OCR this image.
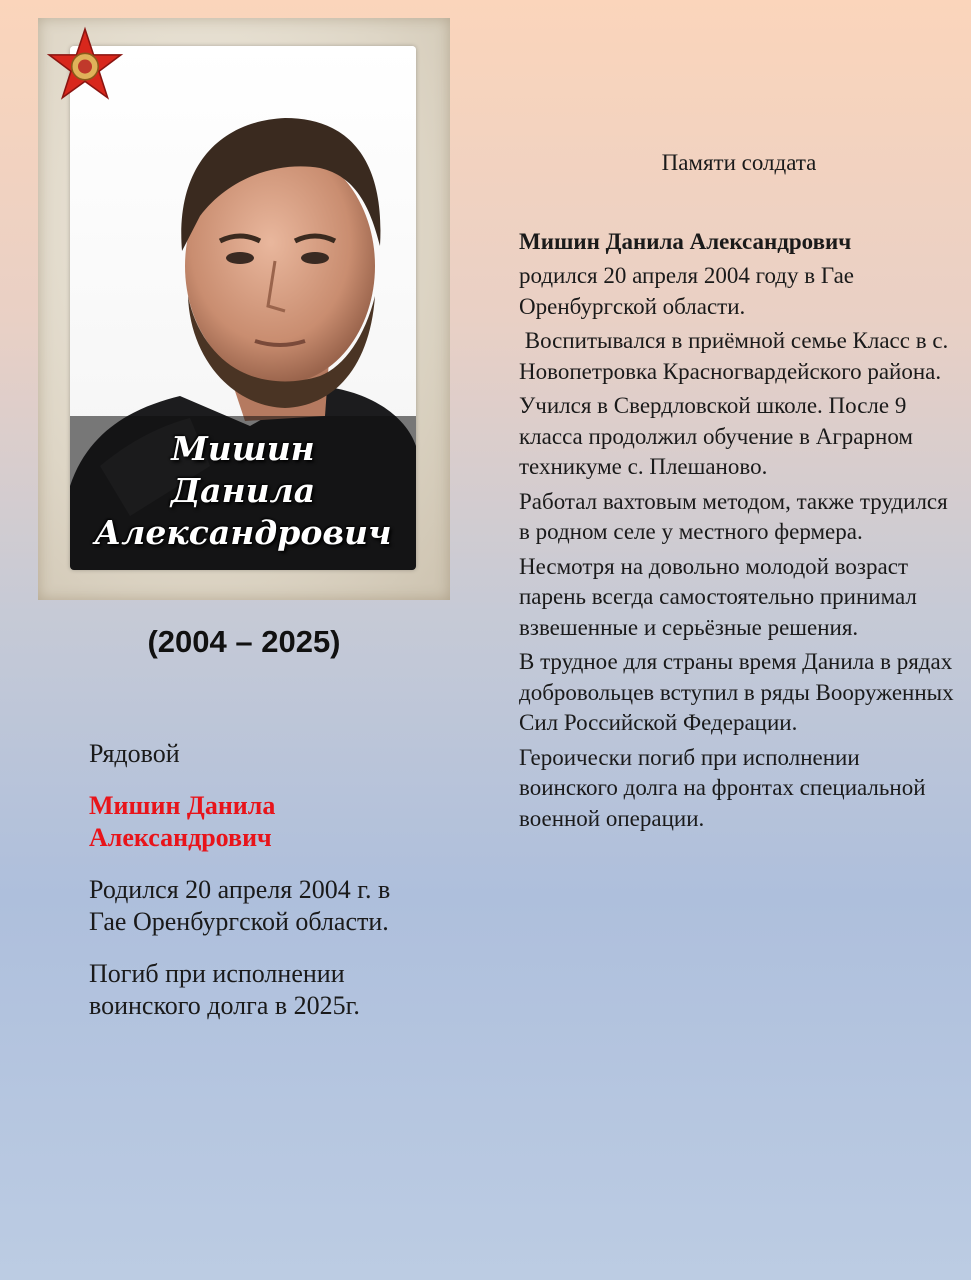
Мишин
Данила
Александрович
(2004 – 2025)

Рядовой

Мишин Данила
Александрович

Родился 20 апреля 2004 г. в Гае Оренбургской области.

Погиб при исполнении воинского долга в 2025г.

Памяти солдата

Мишин Данила Александрович
родился 20 апреля 2004 году в Гае Оренбургской области.

Воспитывался в приёмной семье Класс в с. Новопетровка Красногвардейского района.

Учился в Свердловской школе. После 9 класса продолжил обучение в Аграрном техникуме с. Плешаново.

Работал вахтовым методом, также трудился в родном селе у местного фермера.

Несмотря на довольно молодой возраст парень всегда самостоятельно принимал взвешенные и серьёзные решения.

В трудное для страны время Данила в рядах добровольцев вступил в ряды Вооруженных Сил Российской Федерации.

Героически погиб при исполнении воинского долга на фронтах специальной военной операции.
